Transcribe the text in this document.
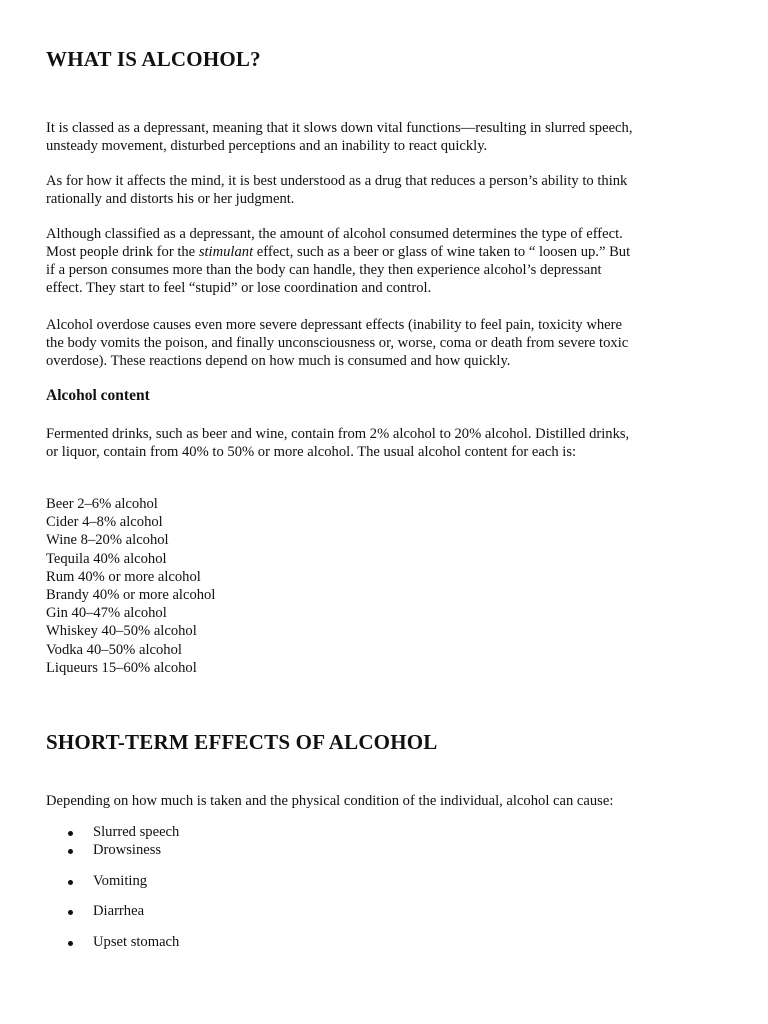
WHAT IS ALCOHOL?
It is classed as a depressant, meaning that it slows down vital functions—resulting in slurred speech,
unsteady movement, disturbed perceptions and an inability to react quickly.
As for how it affects the mind, it is best understood as a drug that reduces a person’s ability to think
rationally and distorts his or her judgment.
Although classified as a depressant, the amount of alcohol consumed determines the type of effect.
Most people drink for the stimulant effect, such as a beer or glass of wine taken to “ loosen up.” But
if a person consumes more than the body can handle, they then experience alcohol’s depressant
effect. They start to feel “stupid” or lose coordination and control.
Alcohol overdose causes even more severe depressant effects (inability to feel pain, toxicity where
the body vomits the poison, and finally unconsciousness or, worse, coma or death from severe toxic
overdose). These reactions depend on how much is consumed and how quickly.
Alcohol content
Fermented drinks, such as beer and wine, contain from 2% alcohol to 20% alcohol. Distilled drinks,
or liquor, contain from 40% to 50% or more alcohol. The usual alcohol content for each is:
Beer 2–6% alcohol
Cider 4–8% alcohol
Wine 8–20% alcohol
Tequila 40% alcohol
Rum 40% or more alcohol
Brandy 40% or more alcohol
Gin 40–47% alcohol
Whiskey 40–50% alcohol
Vodka 40–50% alcohol
Liqueurs 15–60% alcohol
SHORT-TERM EFFECTS OF ALCOHOL
Depending on how much is taken and the physical condition of the individual, alcohol can cause:
Slurred speech
Drowsiness
Vomiting
Diarrhea
Upset stomach
